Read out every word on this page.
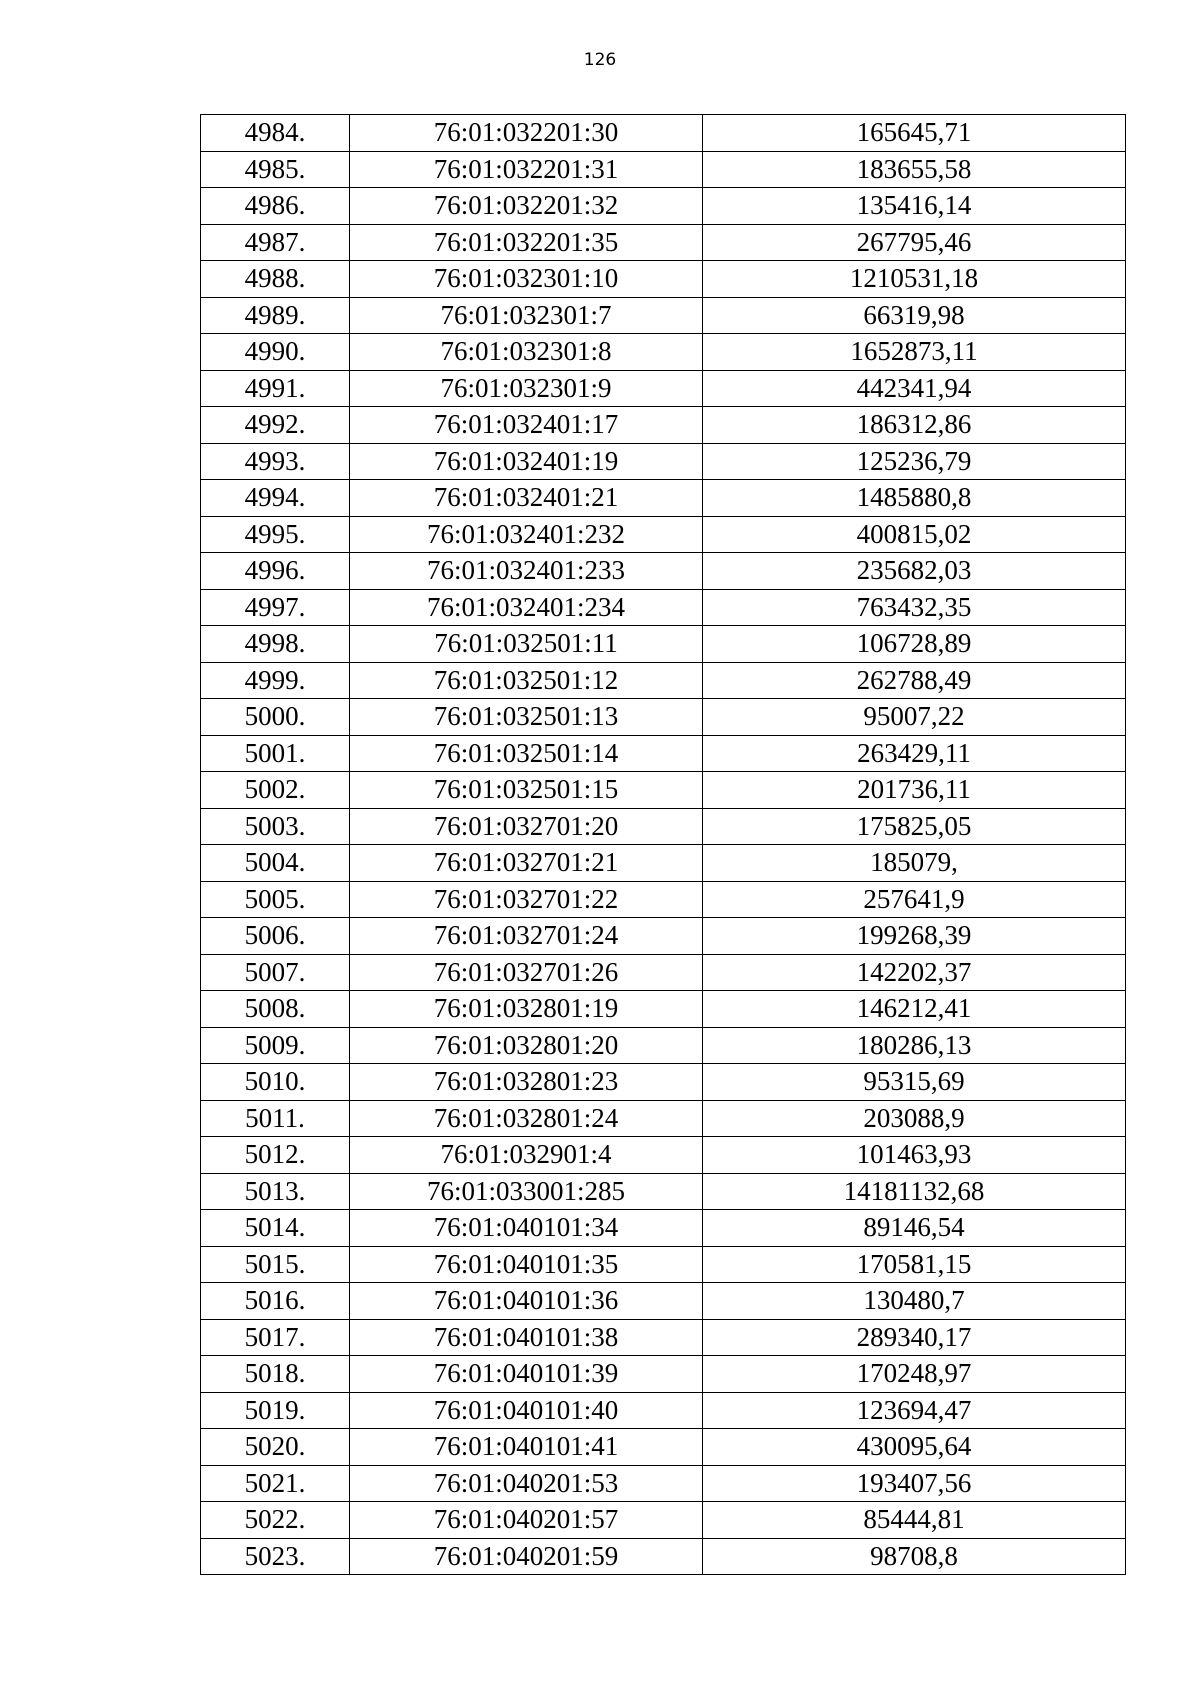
126
4984.	76:01:032201:30	165645,71
4985.	76:01:032201:31	183655,58
4986.	76:01:032201:32	135416,14
4987.	76:01:032201:35	267795,46
4988.	76:01:032301:10	1210531,18
4989.	76:01:032301:7	66319,98
4990.	76:01:032301:8	1652873,11
4991.	76:01:032301:9	442341,94
4992.	76:01:032401:17	186312,86
4993.	76:01:032401:19	125236,79
4994.	76:01:032401:21	1485880,8
4995.	76:01:032401:232	400815,02
4996.	76:01:032401:233	235682,03
4997.	76:01:032401:234	763432,35
4998.	76:01:032501:11	106728,89
4999.	76:01:032501:12	262788,49
5000.	76:01:032501:13	95007,22
5001.	76:01:032501:14	263429,11
5002.	76:01:032501:15	201736,11
5003.	76:01:032701:20	175825,05
5004.	76:01:032701:21	185079,
5005.	76:01:032701:22	257641,9
5006.	76:01:032701:24	199268,39
5007.	76:01:032701:26	142202,37
5008.	76:01:032801:19	146212,41
5009.	76:01:032801:20	180286,13
5010.	76:01:032801:23	95315,69
5011.	76:01:032801:24	203088,9
5012.	76:01:032901:4	101463,93
5013.	76:01:033001:285	14181132,68
5014.	76:01:040101:34	89146,54
5015.	76:01:040101:35	170581,15
5016.	76:01:040101:36	130480,7
5017.	76:01:040101:38	289340,17
5018.	76:01:040101:39	170248,97
5019.	76:01:040101:40	123694,47
5020.	76:01:040101:41	430095,64
5021.	76:01:040201:53	193407,56
5022.	76:01:040201:57	85444,81
5023.	76:01:040201:59	98708,8
